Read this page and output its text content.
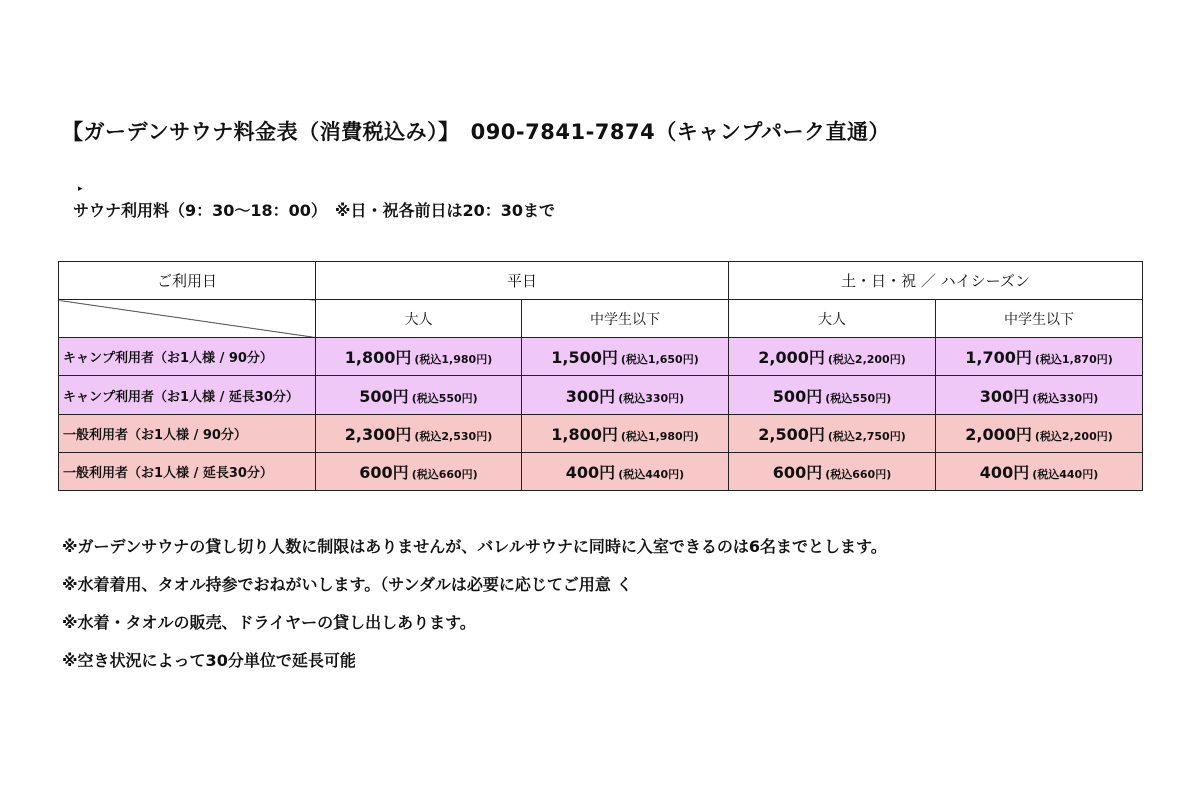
【ガーデンサウナ料金表（消費税込み）】　090-7841-7874（キャンプパーク直通）
▸
サウナ利用料（9：30～18：00）　※日・祝各前日は20：30まで
ご利用日	平日		土・日・祝 ／ ハイシーズン	
	大人	中学生以下	大人	中学生以下
キャンプ利用者（お1人様 / 90分）	1,800円 (税込1,980円)	1,500円 (税込1,650円)	2,000円 (税込2,200円)	1,700円 (税込1,870円)
キャンプ利用者（お1人様 / 延長30分）	500円 (税込550円)	300円 (税込330円)	500円 (税込550円)	300円 (税込330円)
一般利用者（お1人様 / 90分）	2,300円 (税込2,530円)	1,800円 (税込1,980円)	2,500円 (税込2,750円)	2,000円 (税込2,200円)
一般利用者（お1人様 / 延長30分）	600円 (税込660円)	400円 (税込440円)	600円 (税込660円)	400円 (税込440円)
※ガーデンサウナの貸し切り人数に制限はありませんが、バレルサウナに同時に入室できるのは6名までとします。
※水着着用、タオル持参でおねがいします。（サンダルは必要に応じてご用意 く
※水着・タオルの販売、ドライヤーの貸し出しあります。
※空き状況によって30分単位で延長可能
